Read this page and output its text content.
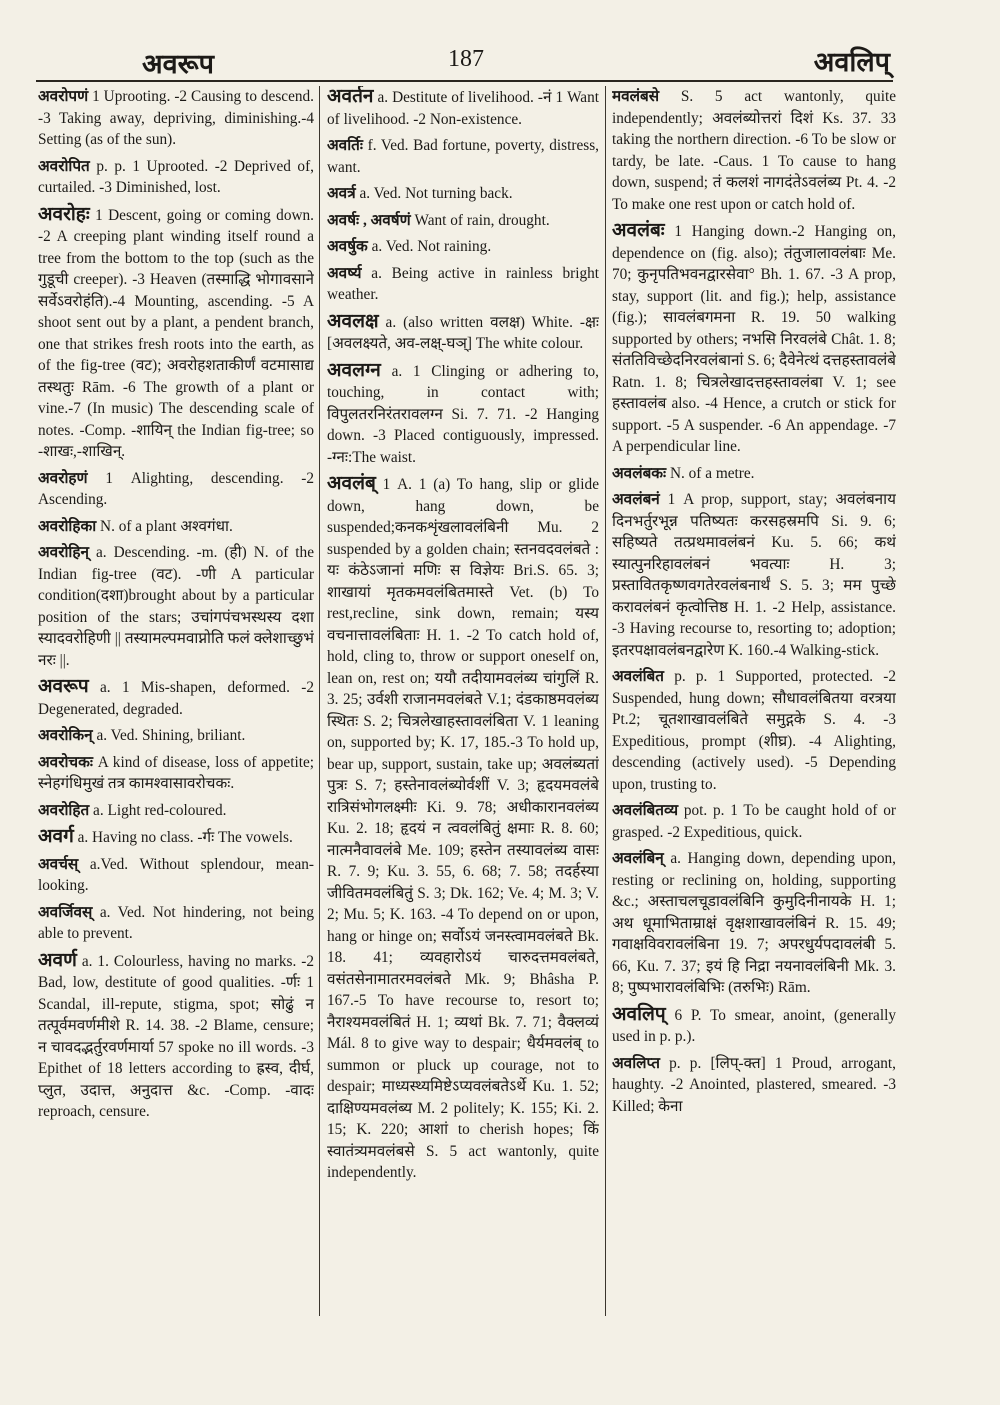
अवरूप	187	अवलिप्

अवरोपणं 1 Uprooting. -2 Causing to descend. -3 Taking away, depriving, diminishing.-4 Setting (as of the sun).

अवरोपित p. p. 1 Uprooted. -2 Deprived of, curtailed. -3 Diminished, lost.

अवरोहः 1 Descent, going or coming down. -2 A creeping plant winding itself round a tree from the bottom to the top (such as the गुडूची creeper). -3 Heaven (तस्माद्धि भोगावसाने सर्वेऽवरोहंति).-4 Mounting, ascending. -5 A shoot sent out by a plant, a pendent branch, one that strikes fresh roots into the earth, as of the fig-tree (वट); अवरोहशताकीर्णं वटमासाद्य तस्थतुः Rām. -6 The growth of a plant or vine.-7 (In music) The descending scale of notes. -Comp. -शायिन् the Indian fig-tree; so -शाखः,-शाखिन्.

अवरोहणं 1 Alighting, descending. -2 Ascending.

अवरोहिका N. of a plant अश्वगंधा.

अवरोहिन् a. Descending. -m. (ही) N. of the Indian fig-tree (वट). -णी A particular condition(दशा)brought about by a particular position of the stars; उचांगपंचभस्थस्य दशा स्यादवरोहिणी || तस्यामल्पमवाप्नोति फलं क्लेशाच्छुभं नरः ||.

अवरूप a. 1 Mis-shapen, deformed. -2 Degenerated, degraded.

अवरोकिन् a. Ved. Shining, briliant.

अवरोचकः A kind of disease, loss of appetite; स्नेहगंधिमुखं तत्र कामश्वासावरोचकः.

अवरोहित a. Light red-coloured.

अवर्ग a. Having no class. -र्गः The vowels.

अवर्चस् a.Ved. Without splendour, mean-looking.

अवर्जिवस् a. Ved. Not hindering, not being able to prevent.

अवर्ण a. 1. Colourless, having no marks. -2 Bad, low, destitute of good qualities. -र्णः 1 Scandal, ill-repute, stigma, spot; सोढुं न तत्पूर्वमवर्णमीशे R. 14. 38. -2 Blame, censure; न चावदद्भर्तुरवर्णमार्या 57 spoke no ill words. -3 Epithet of 18 letters according to ह्रस्व, दीर्घ, प्लुत, उदात्त, अनुदात्त &c. -Comp. -वादः reproach, censure.

अवर्तन a. Destitute of livelihood. -नं 1 Want of livelihood. -2 Non-existence.

अवर्तिः f. Ved. Bad fortune, poverty, distress, want.

अवर्त्र a. Ved. Not turning back.

अवर्षः , अवर्षणं Want of rain, drought.

अवर्षुक a. Ved. Not raining.

अवर्ष्य a. Being active in rainless bright weather.

अवलक्ष a. (also written वलक्ष) White. -क्षः [अवलक्ष्यते, अव-लक्ष्-घञ्] The white colour.

अवलग्न a. 1 Clinging or adhering to, touching, in contact with; विपुलतरनिरंतरावलग्न Si. 7. 71. -2 Hanging down. -3 Placed contiguously, impressed. -ग्नः:The waist.

अवलंब् 1 A. 1 (a) To hang, slip or glide down, hang down, be suspended;कनकशृंखलावलंबिनी Mu. 2 suspended by a golden chain; स्तनवदवलंबते : यः कंठेऽजानां मणिः स विज्ञेयः Bri.S. 65. 3; शाखायां मृतकमवलंबितमास्ते Vet. (b) To rest,recline, sink down, remain; यस्य वचनात्तावलंबिताः H. 1. -2 To catch hold of, hold, cling to, throw or support oneself on, lean on, rest on; ययौ तदीयामवलंब्य चांगुलिं R. 3. 25; उर्वशी राजानमवलंबते V.1; दंडकाष्ठमवलंब्य स्थितः S. 2; चित्रलेखाहस्तावलंबिता V. 1 leaning on, supported by; K. 17, 185.-3 To hold up, bear up, support, sustain, take up; अवलंब्यतां पुत्रः S. 7; हस्तेनावलंब्योर्वशीं V. 3; हृदयमवलंबे रात्रिसंभोगलक्ष्मीः Ki. 9. 78; अधीकारानवलंब्य Ku. 2. 18; हृदयं न त्ववलंबितुं क्षमाः R. 8. 60; नात्मनैवावलंबे Me. 109; हस्तेन तस्यावलंब्य वासः R. 7. 9; Ku. 3. 55, 6. 68; 7. 58; तदर्हस्या जीवितमवलंबितुं S. 3; Dk. 162; Ve. 4; M. 3; V. 2; Mu. 5; K. 163. -4 To depend on or upon, hang or hinge on; सर्वोऽयं जनस्त्वामवलंबते Bk. 18. 41; व्यवहारोऽयं चारुदत्तमवलंबते, वसंतसेनामातरमवलंबते Mk. 9; Bhâsha P. 167.-5 To have recourse to, resort to; नैराश्यमवलंबितं H. 1; व्यथां Bk. 7. 71; वैक्लव्यं Mál. 8 to give way to despair; धैर्यमवलंब् to summon or pluck up courage, not to despair; माध्यस्थ्यमिष्टेऽप्यवलंबतेऽर्थे Ku. 1. 52; दाक्षिण्यमवलंब्य M. 2 politely; K. 155; Ki. 2. 15; K. 220; आशां to cherish hopes; किं स्वातंत्र्यमवलंबसे S. 5 act wantonly, quite independently.

मवलंबसे S. 5 act wantonly, quite independently; अवलंब्योत्तरां दिशं Ks. 37. 33 taking the northern direction. -6 To be slow or tardy, be late. -Caus. 1 To cause to hang down, suspend; तं कलशं नागदंतेऽवलंब्य Pt. 4. -2 To make one rest upon or catch hold of.

अवलंबः 1 Hanging down.-2 Hanging on, dependence on (fig. also); तंतुजालावलंबाः Me. 70; कुनृपतिभवनद्वारसेवा° Bh. 1. 67. -3 A prop, stay, support (lit. and fig.); help, assistance (fig.); सावलंबगमना R. 19. 50 walking supported by others; नभसि निरवलंबे Chât. 1. 8; संततिविच्छेदनिरवलंबानां S. 6; दैवेनेत्थं दत्तहस्तावलंबे Ratn. 1. 8; चित्रलेखादत्तहस्तावलंबा V. 1; see हस्तावलंब also. -4 Hence, a crutch or stick for support. -5 A suspender. -6 An appendage. -7 A perpendicular line.

अवलंबकः N. of a metre.

अवलंबनं 1 A prop, support, stay; अवलंबनाय दिनभर्तुरभून्न पतिष्यतः करसहस्रमपि Si. 9. 6; सहिष्यते तत्प्रथमावलंबनं Ku. 5. 66; कथं स्यात्पुनरिहावलंबनं भवत्याः H. 3; प्रस्तावितकृष्णवगतेरवलंबनार्थं S. 5. 3; मम पुच्छे करावलंबनं कृत्वोत्तिष्ठ H. 1. -2 Help, assistance. -3 Having recourse to, resorting to; adoption; इतरपक्षावलंबनद्वारेण K. 160.-4 Walking-stick.

अवलंबित p. p. 1 Supported, protected. -2 Suspended, hung down; सौधावलंबितया वरत्रया Pt.2; चूतशाखावलंबिते समुद्गके S. 4. -3 Expeditious, prompt (शीघ्र). -4 Alighting, descending (actively used). -5 Depending upon, trusting to.

अवलंबितव्य pot. p. 1 To be caught hold of or grasped. -2 Expeditious, quick.

अवलंबिन् a. Hanging down, depending upon, resting or reclining on, holding, supporting &c.; अस्ताचलचूडावलंबिनि कुमुदिनीनायके H. 1; अथ धूमाभिताम्राक्षं वृक्षशाखावलंबिनं R. 15. 49; गवाक्षविवरावलंबिना 19. 7; अपरधुर्यपदावलंबी 5. 66, Ku. 7. 37; इयं हि निद्रा नयनावलंबिनी Mk. 3. 8; पुष्पभारावलंबिभिः (तरुभिः) Rām.

अवलिप् 6 P. To smear, anoint, (generally used in p. p.).

अवलिप्त p. p. [लिप्-क्त] 1 Proud, arrogant, haughty. -2 Anointed, plastered, smeared. -3 Killed; केना
